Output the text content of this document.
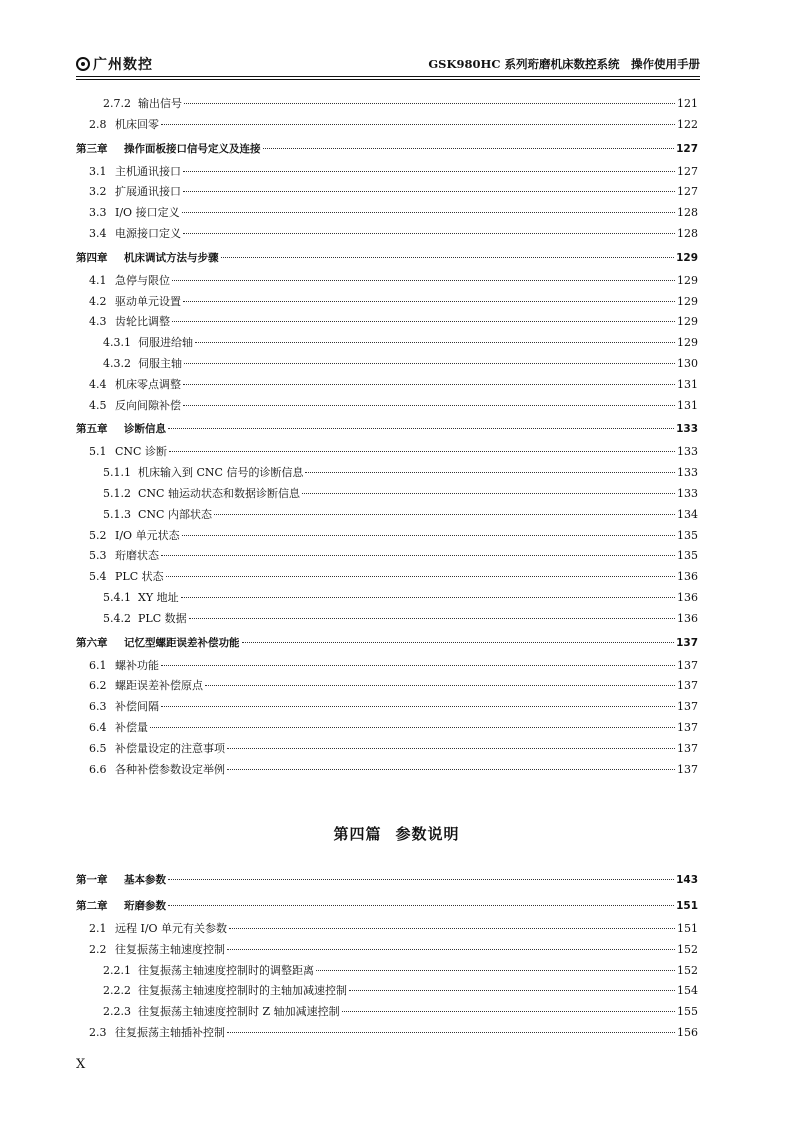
广州数控	GSK980HC 系列珩磨机床数控系统　操作使用手册
2.7.2 输出信号	121
2.8 机床回零	122
第三章	操作面板接口信号定义及连接	127
3.1 主机通讯接口	127
3.2 扩展通讯接口	127
3.3 I/O 接口定义	128
3.4 电源接口定义	128
第四章	机床调试方法与步骤	129
4.1 急停与限位	129
4.2 驱动单元设置	129
4.3 齿轮比调整	129
4.3.1 伺服进给轴	129
4.3.2 伺服主轴	130
4.4 机床零点调整	131
4.5 反向间隙补偿	131
第五章	诊断信息	133
5.1 CNC 诊断	133
5.1.1 机床输入到 CNC 信号的诊断信息	133
5.1.2 CNC 轴运动状态和数据诊断信息	133
5.1.3 CNC 内部状态	134
5.2 I/O 单元状态	135
5.3 珩磨状态	135
5.4 PLC 状态	136
5.4.1 XY 地址	136
5.4.2 PLC 数据	136
第六章	记忆型螺距误差补偿功能	137
6.1 螺补功能	137
6.2 螺距误差补偿原点	137
6.3 补偿间隔	137
6.4 补偿量	137
6.5 补偿量设定的注意事项	137
6.6 各种补偿参数设定举例	137
第四篇 参数说明
第一章	基本参数	143
第二章	珩磨参数	151
2.1 远程 I/O 单元有关参数	151
2.2 往复振荡主轴速度控制	152
2.2.1 往复振荡主轴速度控制时的调整距离	152
2.2.2 往复振荡主轴速度控制时的主轴加减速控制	154
2.2.3 往复振荡主轴速度控制时 Z 轴加减速控制	155
2.3 往复振荡主轴插补控制	156
X
